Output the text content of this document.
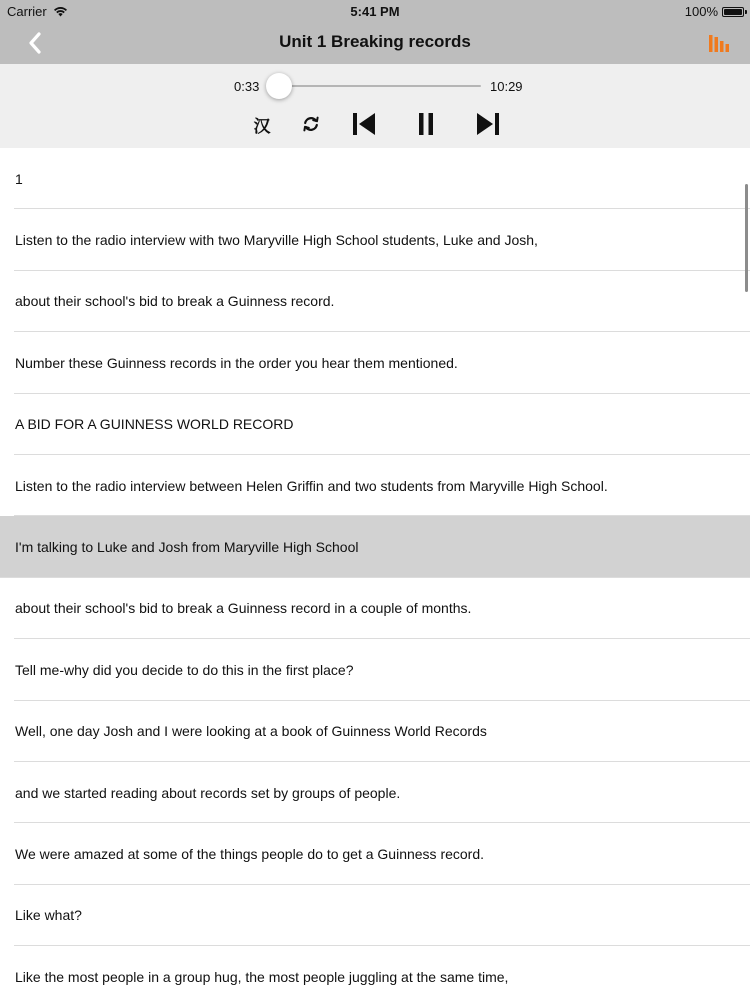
Carrier	5:41 PM	100%
Unit 1 Breaking records
0:33	10:29
汉
1
Listen to the radio interview with two Maryville High School students, Luke and Josh,
about their school's bid to break a Guinness record.
Number these Guinness records in the order you hear them mentioned.
A BID FOR A GUINNESS WORLD RECORD
Listen to the radio interview between Helen Griffin and two students from Maryville High School.
I'm talking to Luke and Josh from Maryville High School
about their school's bid to break a Guinness record in a couple of months.
Tell me-why did you decide to do this in the first place?
Well, one day Josh and I were looking at a book of Guinness World Records
and we started reading about records set by groups of people.
We were amazed at some of the things people do to get a Guinness record.
Like what?
Like the most people in a group hug, the most people juggling at the same time,
